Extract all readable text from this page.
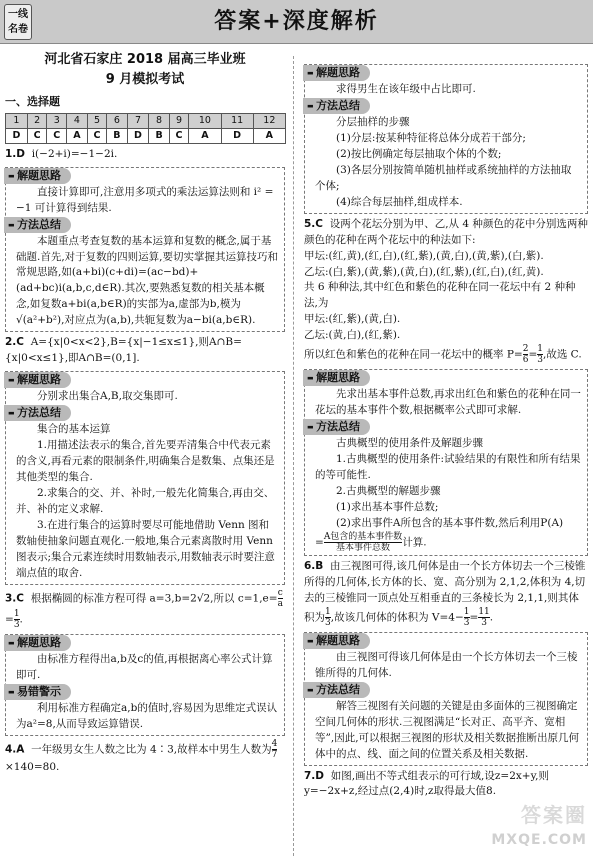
一线
名卷	答案+深度解析
河北省石家庄 2018 届高三毕业班
9 月模拟考试
一、选择题
1	2	3	4	5	6	7	8	9	10	11	12
D	C	C	A	C	B	D	B	C	A	D	A

1.D i(−2+i)=−1−2i.

▬ 解题思路

直接计算即可,注意用多项式的乘法运算法则和 i² = −1 可计算得到结果.

▬ 方法总结

本题重点考查复数的基本运算和复数的概念,属于基础题.首先,对于复数的四则运算,要切实掌握其运算技巧和常规思路,如(a+bi)(c+di)=(ac−bd)+(ad+bc)i(a,b,c,d∈R).其次,要熟悉复数的相关基本概念,如复数a+bi(a,b∈R)的实部为a,虚部为b,模为√(a²+b²),对应点为(a,b),共轭复数为a−bi(a,b∈R).

2.C A={x|0<x<2},B={x|−1≤x≤1},则A∩B={x|0<x≤1},即A∩B=(0,1].

▬ 解题思路

分别求出集合A,B,取交集即可.

▬ 方法总结

集合的基本运算

1.用描述法表示的集合,首先要弄清集合中代表元素的含义,再看元素的限制条件,明确集合是数集、点集还是其他类型的集合.

2.求集合的交、并、补时,一般先化简集合,再由交、并、补的定义求解.

3.在进行集合的运算时要尽可能地借助 Venn 图和数轴使抽象问题直观化.一般地,集合元素离散时用 Venn 图表示;集合元素连续时用数轴表示,用数轴表示时要注意端点值的取舍.

3.C 根据椭圆的标准方程可得 a=3,b=2√2,所以 $c=1,e= \frac{c}{a}$
= $\frac{1}{3}$ .

▬ 解题思路

由标准方程得出a,b及c的值,再根据离心率公式计算即可.

▬ 易错警示

利用标准方程确定a,b的值时,容易因为思维定式误认为a²=8,从而导致运算错误.

4.A 一年级男女生人数之比为 4∶3,故样本中男生人数为 $\frac{4}{7}$
×140=80.

▬ 解题思路

求得男生在该年级中占比即可.

▬ 方法总结

分层抽样的步骤

(1)分层:按某种特征将总体分成若干部分;

(2)按比例确定每层抽取个体的个数;

(3)各层分别按简单随机抽样或系统抽样的方法抽取个体;

(4)综合每层抽样,组成样本.

5.C 设两个花坛分别为甲、乙,从 4 种颜色的花中分别选两种颜色的花种在两个花坛中的种法如下:

甲坛:(红,黄),(红,白),(红,紫),(黄,白),(黄,紫),(白,紫).

乙坛:(白,紫),(黄,紫),(黄,白),(红,紫),(红,白),(红,黄).

共 6 种种法,其中红色和紫色的花种在同一花坛中有 2 种种法,为

甲坛:(红,紫),(黄,白).

乙坛:(黄,白),(红,紫).

所以红色和紫色的花种在同一花坛中的概率 $P= \frac{2}{6} = \frac{1}{3}$ ,故选 C.

▬ 解题思路

先求出基本事件总数,再求出红色和紫色的花种在同一花坛的基本事件个数,根据概率公式即可求解.

▬ 方法总结

古典概型的使用条件及解题步骤

1.古典概型的使用条件:试验结果的有限性和所有结果的等可能性.

2.古典概型的解题步骤

(1)求出基本事件总数;

(2)求出事件A所包含的基本事件数,然后利用P(A)

= $\frac{\text{A包含的基本事件数}}{\text{基本事件总数}}$ 计算.

6.B 由三视图可得,该几何体是由一个长方体切去一个三棱锥所得的几何体,长方体的长、宽、高分别为 2,1,2,体积为 4,切去的三棱锥同一顶点处互相垂直的三条棱长为 2,1,1,则其体积为 $\frac{1}{3}$ ,故该几何体的体积为 $V=4- \frac{1}{3} = \frac{11}{3}$ .

▬ 解题思路

由三视图可得该几何体是由一个长方体切去一个三棱锥所得的几何体.

▬ 方法总结

解答三视图有关问题的关键是由多面体的三视图确定空间几何体的形状.三视图满足“长对正、高平齐、宽相等”,因此,可以根据三视图的形状及相关数据推断出原几何体中的点、线、面之间的位置关系及相关数据.

7.D 如图,画出不等式组表示的可行域,设z=2x+y,则y=−2x+z,经过点(2,4)时,z取得最大值8.

答案圈
MXQE.COM
